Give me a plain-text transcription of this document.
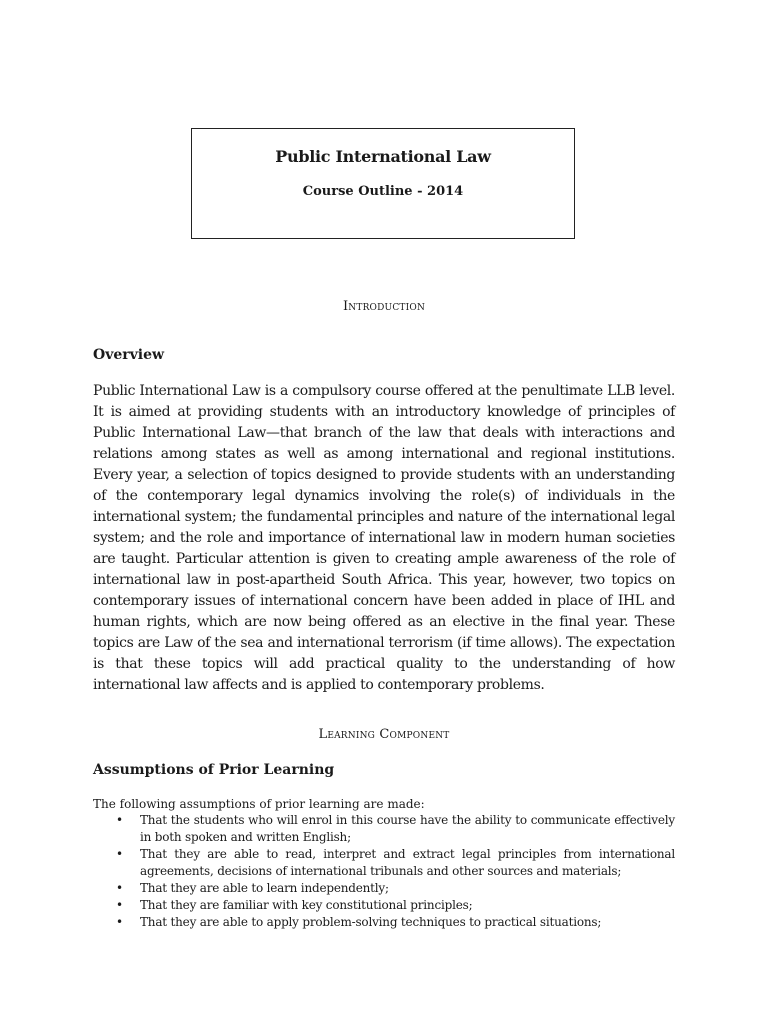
Public International Law
Course Outline - 2014
Introduction
Overview

Public International Law is a compulsory course offered at the penultimate LLB level. It is aimed at providing students with an introductory knowledge of principles of Public International Law—that branch of the law that deals with interactions and relations among states as well as among international and regional institutions. Every year, a selection of topics designed to provide students with an understanding of the contemporary legal dynamics involving the role(s) of individuals in the international system; the fundamental principles and nature of the international legal system; and the role and importance of international law in modern human societies are taught. Particular attention is given to creating ample awareness of the role of international law in post-apartheid South Africa. This year, however, two topics on contemporary issues of international concern have been added in place of IHL and human rights, which are now being offered as an elective in the final year. These topics are Law of the sea and international terrorism (if time allows). The expectation is that these topics will add practical quality to the understanding of how international law affects and is applied to contemporary problems.

Learning Component
Assumptions of Prior Learning
The following assumptions of prior learning are made:
• That the students who will enrol in this course have the ability to communicate effectively in both spoken and written English;
• That they are able to read, interpret and extract legal principles from international agreements, decisions of international tribunals and other sources and materials;
• That they are able to learn independently;
• That they are familiar with key constitutional principles;
• That they are able to apply problem-solving techniques to practical situations;
